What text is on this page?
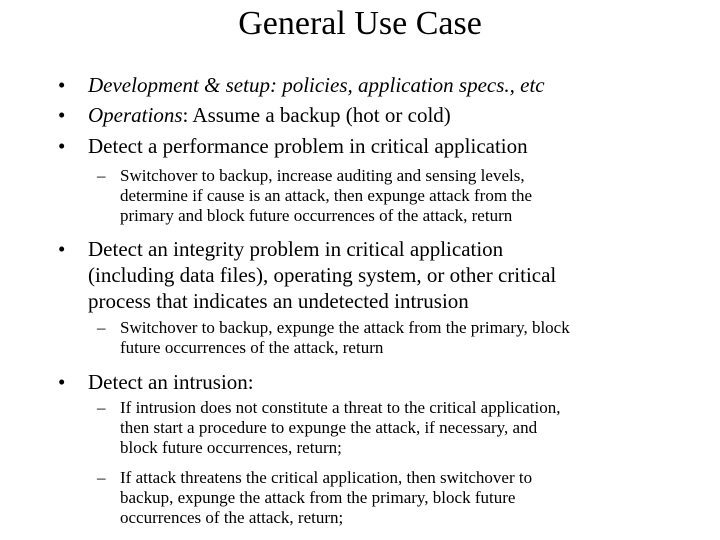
General Use Case
• Development & setup: policies, application specs., etc
• Operations: Assume a backup (hot or cold)
• Detect a performance problem in critical application
– Switchover to backup, increase auditing and sensing levels,
determine if cause is an attack, then expunge attack from the
primary and block future occurrences of the attack, return
• Detect an integrity problem in critical application
(including data files), operating system, or other critical
process that indicates an undetected intrusion
– Switchover to backup, expunge the attack from the primary, block
future occurrences of the attack, return
• Detect an intrusion:
– If intrusion does not constitute a threat to the critical application,
then start a procedure to expunge the attack, if necessary, and
block future occurrences, return;
– If attack threatens the critical application, then switchover to
backup, expunge the attack from the primary, block future
occurrences of the attack, return;
